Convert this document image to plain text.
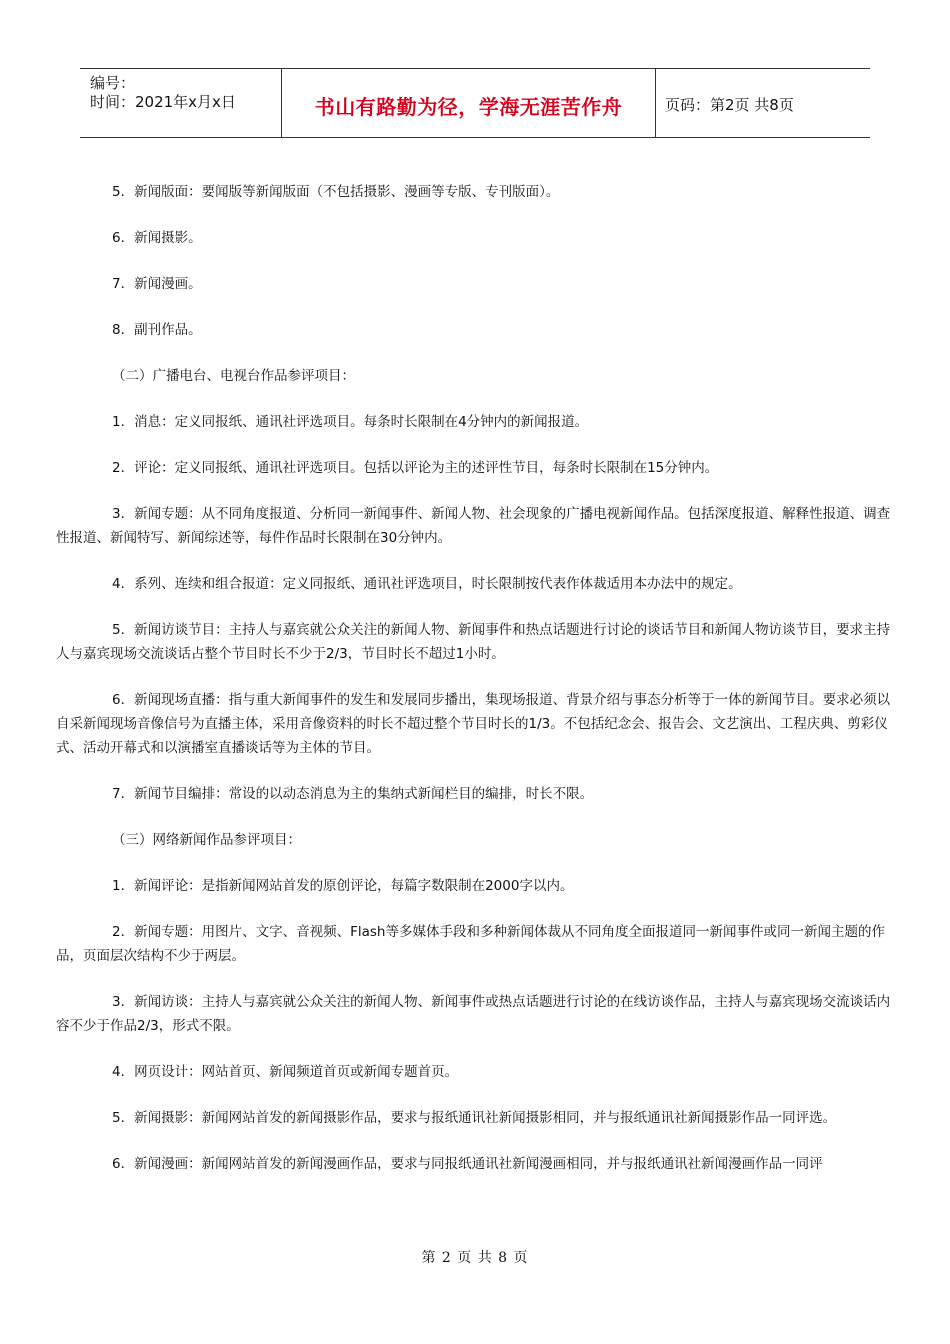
编号：
时间：2021年x月x日	书山有路勤为径，学海无涯苦作舟	页码：第2页 共8页

5．新闻版面：要闻版等新闻版面（不包括摄影、漫画等专版、专刊版面）。

6．新闻摄影。

7．新闻漫画。

8．副刊作品。

（二）广播电台、电视台作品参评项目：

1．消息：定义同报纸、通讯社评选项目。每条时长限制在4分钟内的新闻报道。

2．评论：定义同报纸、通讯社评选项目。包括以评论为主的述评性节目，每条时长限制在15分钟内。

3．新闻专题：从不同角度报道、分析同一新闻事件、新闻人物、社会现象的广播电视新闻作品。包括深度报道、解释性报道、调查性报道、新闻特写、新闻综述等，每件作品时长限制在30分钟内。

4．系列、连续和组合报道：定义同报纸、通讯社评选项目，时长限制按代表作体裁适用本办法中的规定。

5．新闻访谈节目：主持人与嘉宾就公众关注的新闻人物、新闻事件和热点话题进行讨论的谈话节目和新闻人物访谈节目，要求主持人与嘉宾现场交流谈话占整个节目时长不少于2/3，节目时长不超过1小时。

6．新闻现场直播：指与重大新闻事件的发生和发展同步播出，集现场报道、背景介绍与事态分析等于一体的新闻节目。要求必须以自采新闻现场音像信号为直播主体，采用音像资料的时长不超过整个节目时长的1/3。不包括纪念会、报告会、文艺演出、工程庆典、剪彩仪式、活动开幕式和以演播室直播谈话等为主体的节目。

7．新闻节目编排：常设的以动态消息为主的集纳式新闻栏目的编排，时长不限。

（三）网络新闻作品参评项目：

1．新闻评论：是指新闻网站首发的原创评论，每篇字数限制在2000字以内。

2．新闻专题：用图片、文字、音视频、Flash等多媒体手段和多种新闻体裁从不同角度全面报道同一新闻事件或同一新闻主题的作品，页面层次结构不少于两层。

3．新闻访谈：主持人与嘉宾就公众关注的新闻人物、新闻事件或热点话题进行讨论的在线访谈作品，主持人与嘉宾现场交流谈话内容不少于作品2/3，形式不限。

4．网页设计：网站首页、新闻频道首页或新闻专题首页。

5．新闻摄影：新闻网站首发的新闻摄影作品，要求与报纸通讯社新闻摄影相同，并与报纸通讯社新闻摄影作品一同评选。

6．新闻漫画：新闻网站首发的新闻漫画作品，要求与同报纸通讯社新闻漫画相同，并与报纸通讯社新闻漫画作品一同评

第 2 页 共 8 页
